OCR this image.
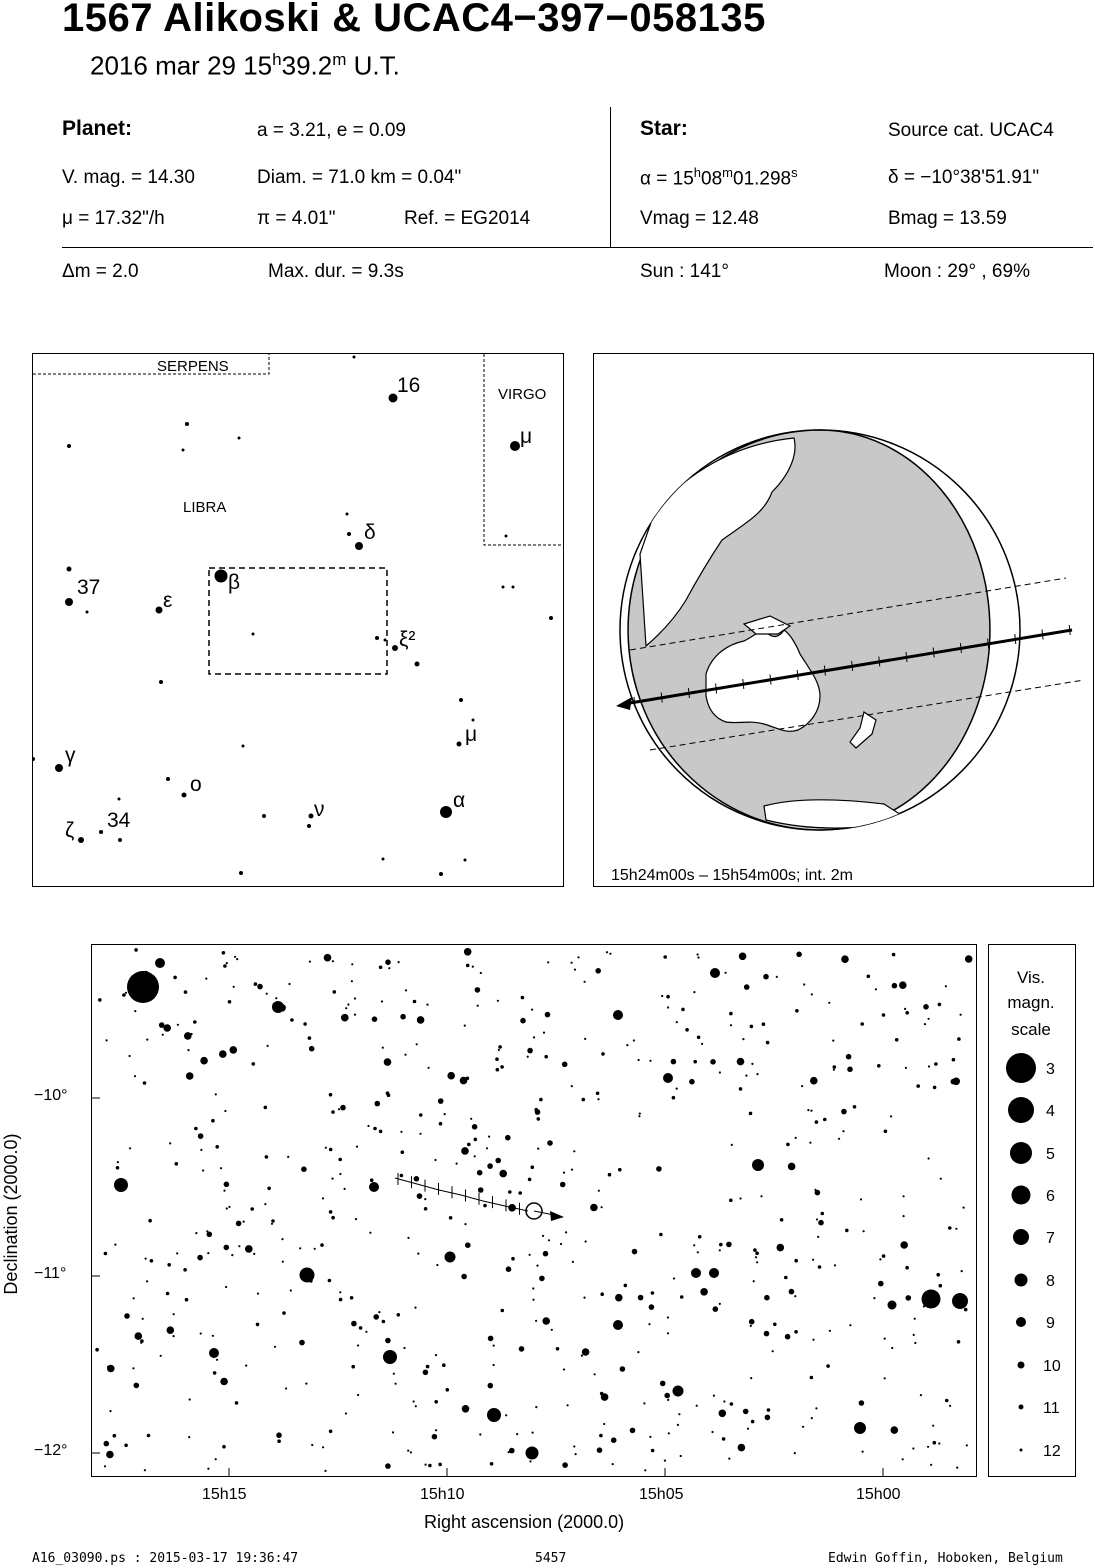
1567 Alikoski & UCAC4−397−058135
2016 mar 29 15$^h$39.2$^m$ U.T.
Planet:	a = 3.21, e = 0.09
V. mag. = 14.30	Diam. = 71.0 km = 0.04"
μ = 17.32"/h	π = 4.01"	Ref. = EG2014
Star:	Source cat. UCAC4
$\alpha = 15^h08^m01.298^s$	δ = −10°38'51.91"
Vmag = 12.48	Bmag = 13.59
Δm = 2.0	Max. dur. = 9.3s	Sun : 141°	Moon : 29° , 69%
SERPENS
VIRGO
LIBRA
16
μ
δ
37	β
ε
ξ²
μ
γ
ο
α
ν
ζ 34
15h24m00s – 15h54m00s; int. 2m
Declination (2000.0)
−10°
−11°
−12°
15h15	15h10	15h05	15h00
Right ascension (2000.0)
Vis.
magn.
scale
3
4
5
6
7
8
9
10
11
12
A16_03090.ps : 2015-03-17 19:36:47	5457	Edwin Goffin, Hoboken, Belgium
